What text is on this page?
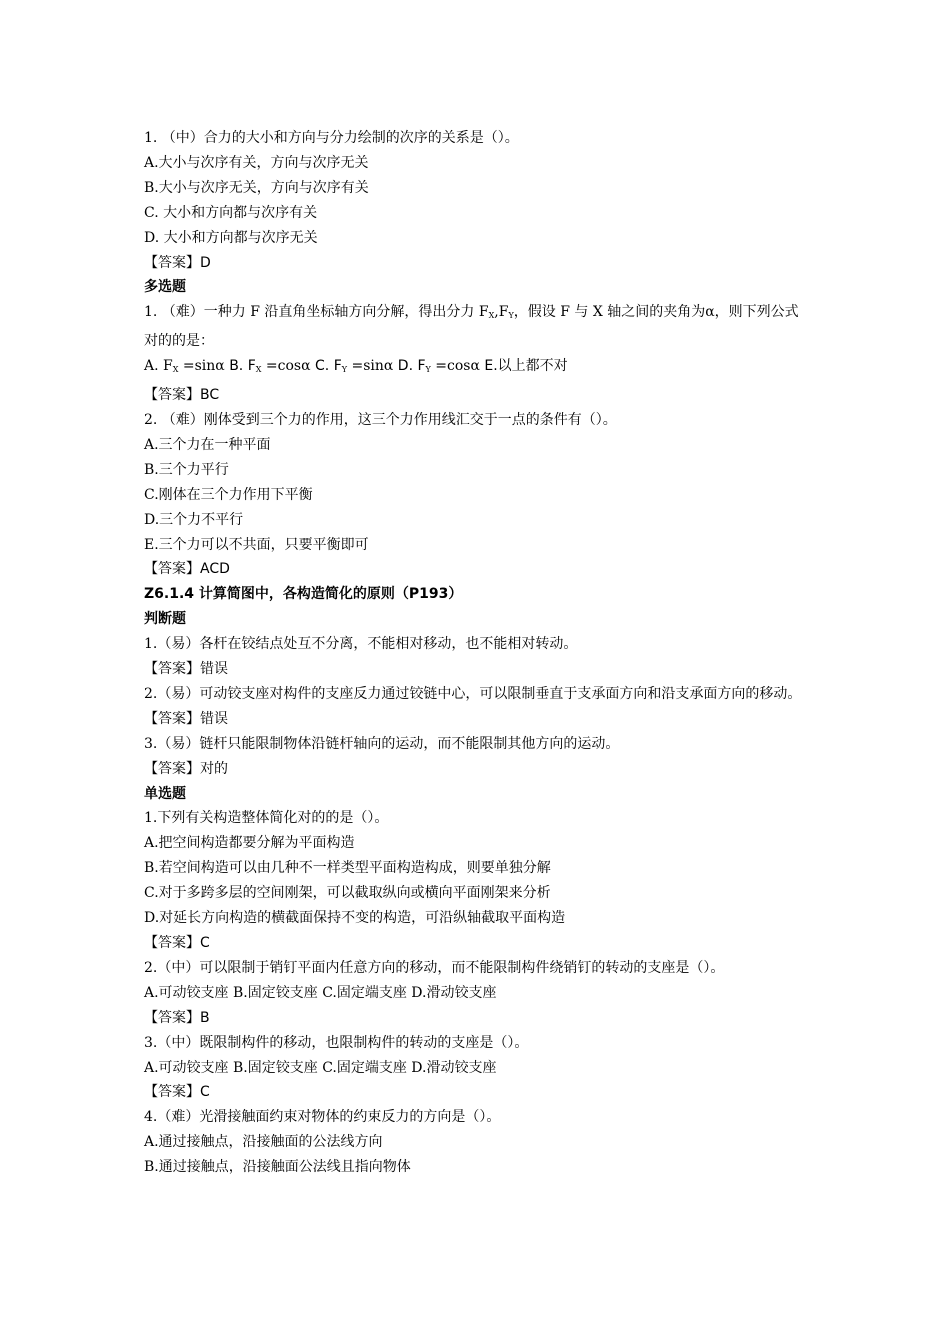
1. （中）合力的大小和方向与分力绘制的次序的关系是（）。
A.大小与次序有关，方向与次序无关
B.大小与次序无关，方向与次序有关
C. 大小和方向都与次序有关
D. 大小和方向都与次序无关
【答案】D
多选题
1. （难）一种力 F 沿直角坐标轴方向分解，得出分力 $F_X,F_Y$，假设 F 与 X 轴之间的夹角为α，则下列公式对的的是：
A. $F_X =\sin\alpha$ B. $F_X =\cos\alpha$ C. $F_Y =\sin\alpha$ D. $F_Y =\cos\alpha$ E.以上都不对
【答案】BC
2. （难）刚体受到三个力的作用，这三个力作用线汇交于一点的条件有（）。
A.三个力在一种平面
B.三个力平行
C.刚体在三个力作用下平衡
D.三个力不平行
E.三个力可以不共面，只要平衡即可
【答案】ACD
Z6.1.4 计算简图中，各构造简化的原则（P193）
判断题
1.（易）各杆在铰结点处互不分离，不能相对移动，也不能相对转动。
【答案】错误
2.（易）可动铰支座对构件的支座反力通过铰链中心，可以限制垂直于支承面方向和沿支承面方向的移动。
【答案】错误
3.（易）链杆只能限制物体沿链杆轴向的运动，而不能限制其他方向的运动。
【答案】对的
单选题
1.下列有关构造整体简化对的的是（）。
A.把空间构造都要分解为平面构造
B.若空间构造可以由几种不一样类型平面构造构成，则要单独分解
C.对于多跨多层的空间刚架，可以截取纵向或横向平面刚架来分析
D.对延长方向构造的横截面保持不变的构造，可沿纵轴截取平面构造
【答案】C
2.（中）可以限制于销钉平面内任意方向的移动，而不能限制构件绕销钉的转动的支座是（）。
A.可动铰支座 B.固定铰支座 C.固定端支座 D.滑动铰支座
【答案】B
3.（中）既限制构件的移动，也限制构件的转动的支座是（）。
A.可动铰支座 B.固定铰支座 C.固定端支座 D.滑动铰支座
【答案】C
4.（难）光滑接触面约束对物体的约束反力的方向是（）。
A.通过接触点，沿接触面的公法线方向
B.通过接触点，沿接触面公法线且指向物体
